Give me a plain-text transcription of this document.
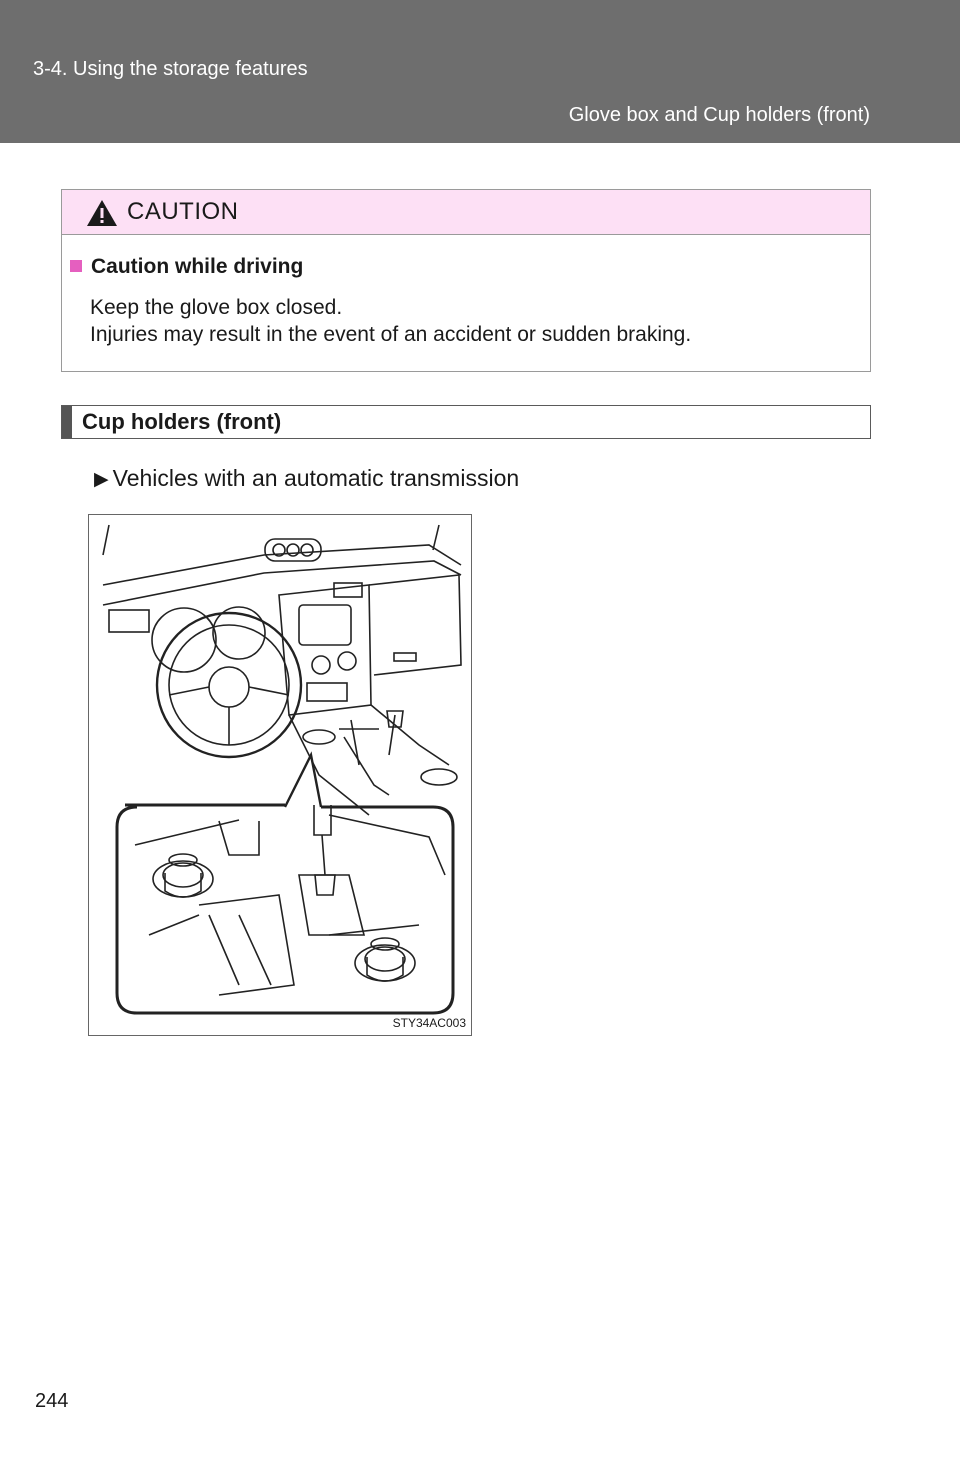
3-4. Using the storage features
Glove box and Cup holders (front)
CAUTION
Caution while driving
Keep the glove box closed.
Injuries may result in the event of an accident or sudden braking.
Cup holders (front)
▶ Vehicles with an automatic transmission
STY34AC003
244
